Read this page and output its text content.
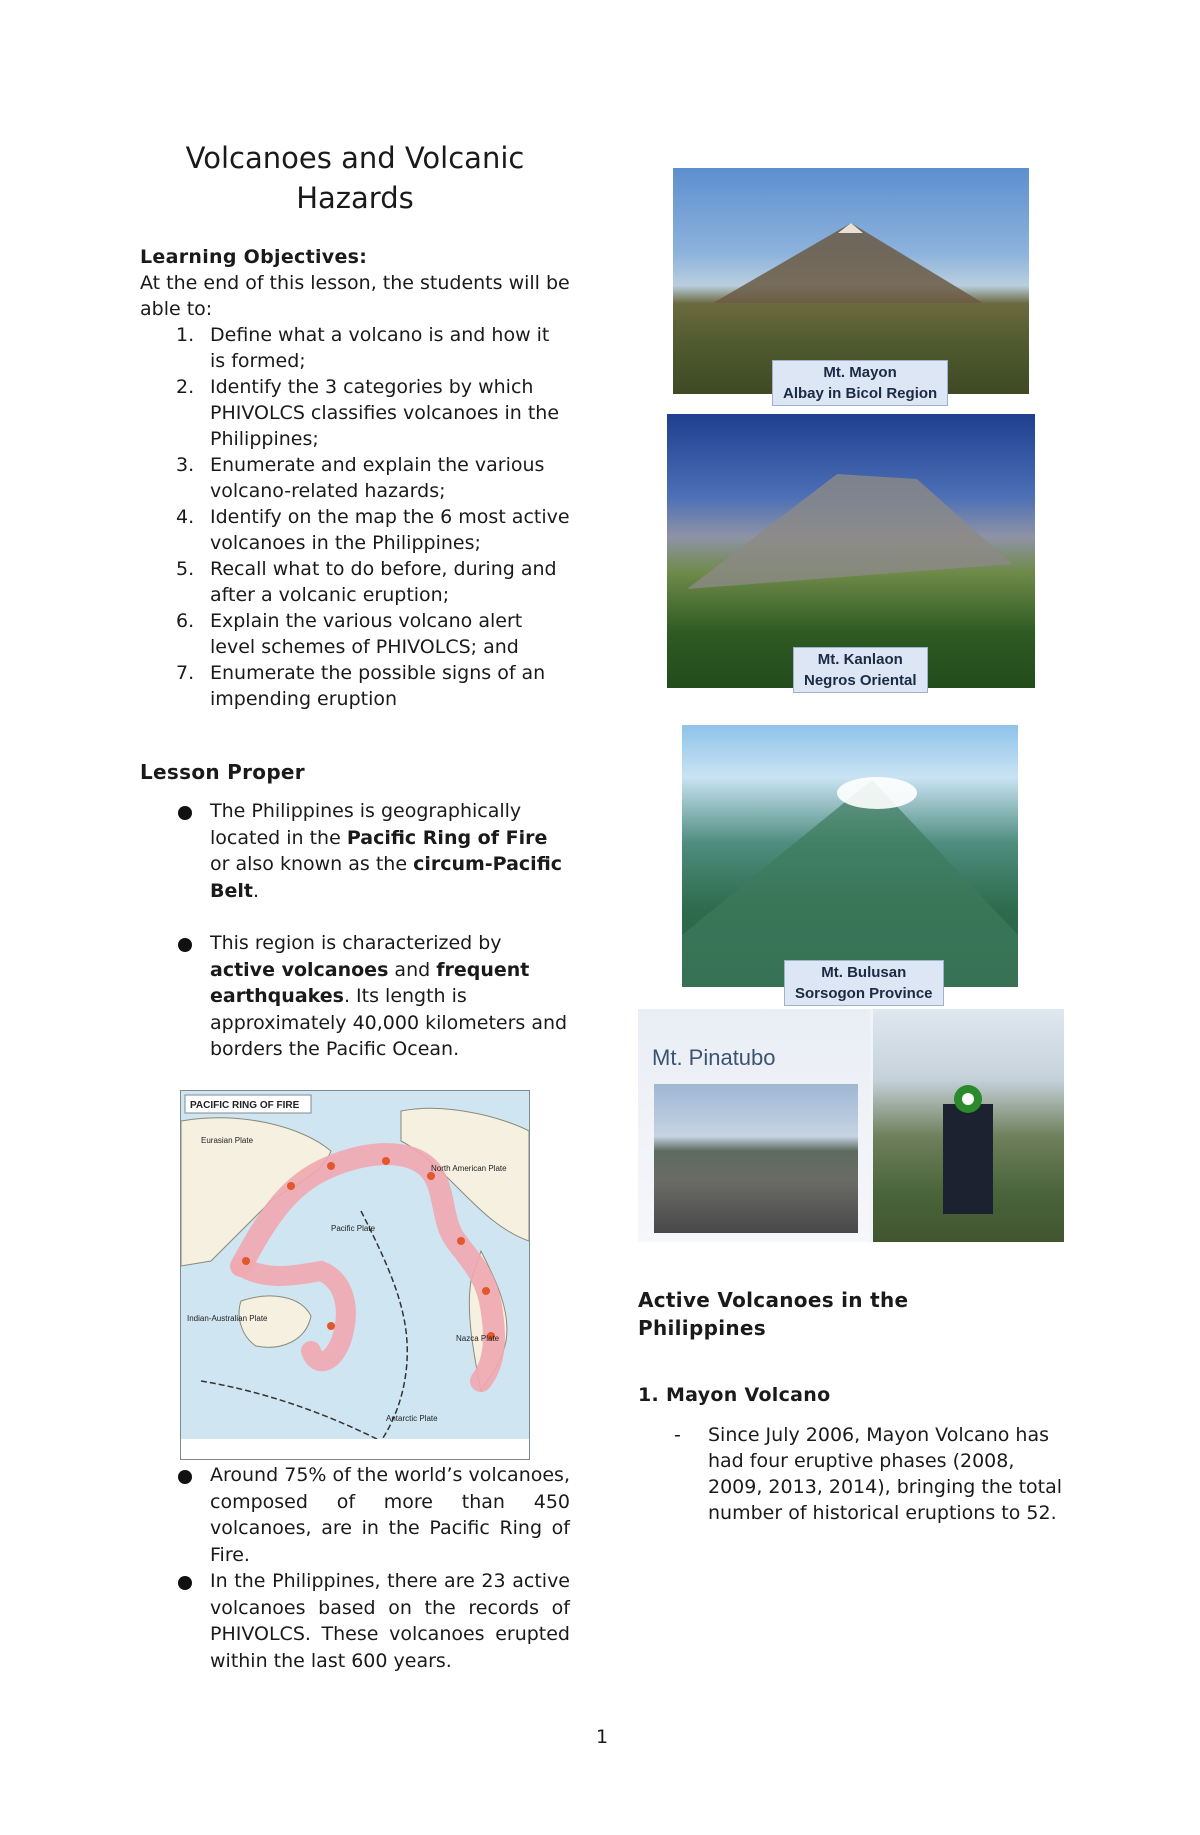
Volcanoes and Volcanic Hazards
Learning Objectives:
At the end of this lesson, the students will be able to:
1. Define what a volcano is and how it is formed;
2. Identify the 3 categories by which PHIVOLCS classifies volcanoes in the Philippines;
3. Enumerate and explain the various volcano-related hazards;
4. Identify on the map the 6 most active volcanoes in the Philippines;
5. Recall what to do before, during and after a volcanic eruption;
6. Explain the various volcano alert level schemes of PHIVOLCS; and
7. Enumerate the possible signs of an impending eruption
Lesson Proper
The Philippines is geographically located in the Pacific Ring of Fire or also known as the circum-Pacific Belt.
This region is characterized by active volcanoes and frequent earthquakes. Its length is approximately 40,000 kilometers and borders the Pacific Ocean.
PACIFIC RING OF FIRE
Eurasian Plate
North American Plate
Pacific Plate
Indian-Australian Plate
Antarctic Plate
Nazca Plate
Around 75% of the world’s volcanoes, composed of more than 450 volcanoes, are in the Pacific Ring of Fire.
In the Philippines, there are 23 active volcanoes based on the records of PHIVOLCS. These volcanoes erupted within the last 600 years.
Mt. Mayon
Albay in Bicol Region
Mt. Kanlaon
Negros Oriental
Mt. Bulusan
Sorsogon Province
Mt. Pinatubo
Active Volcanoes in the Philippines
1. Mayon Volcano
- Since July 2006, Mayon Volcano has had four eruptive phases (2008, 2009, 2013, 2014), bringing the total number of historical eruptions to 52.
1
